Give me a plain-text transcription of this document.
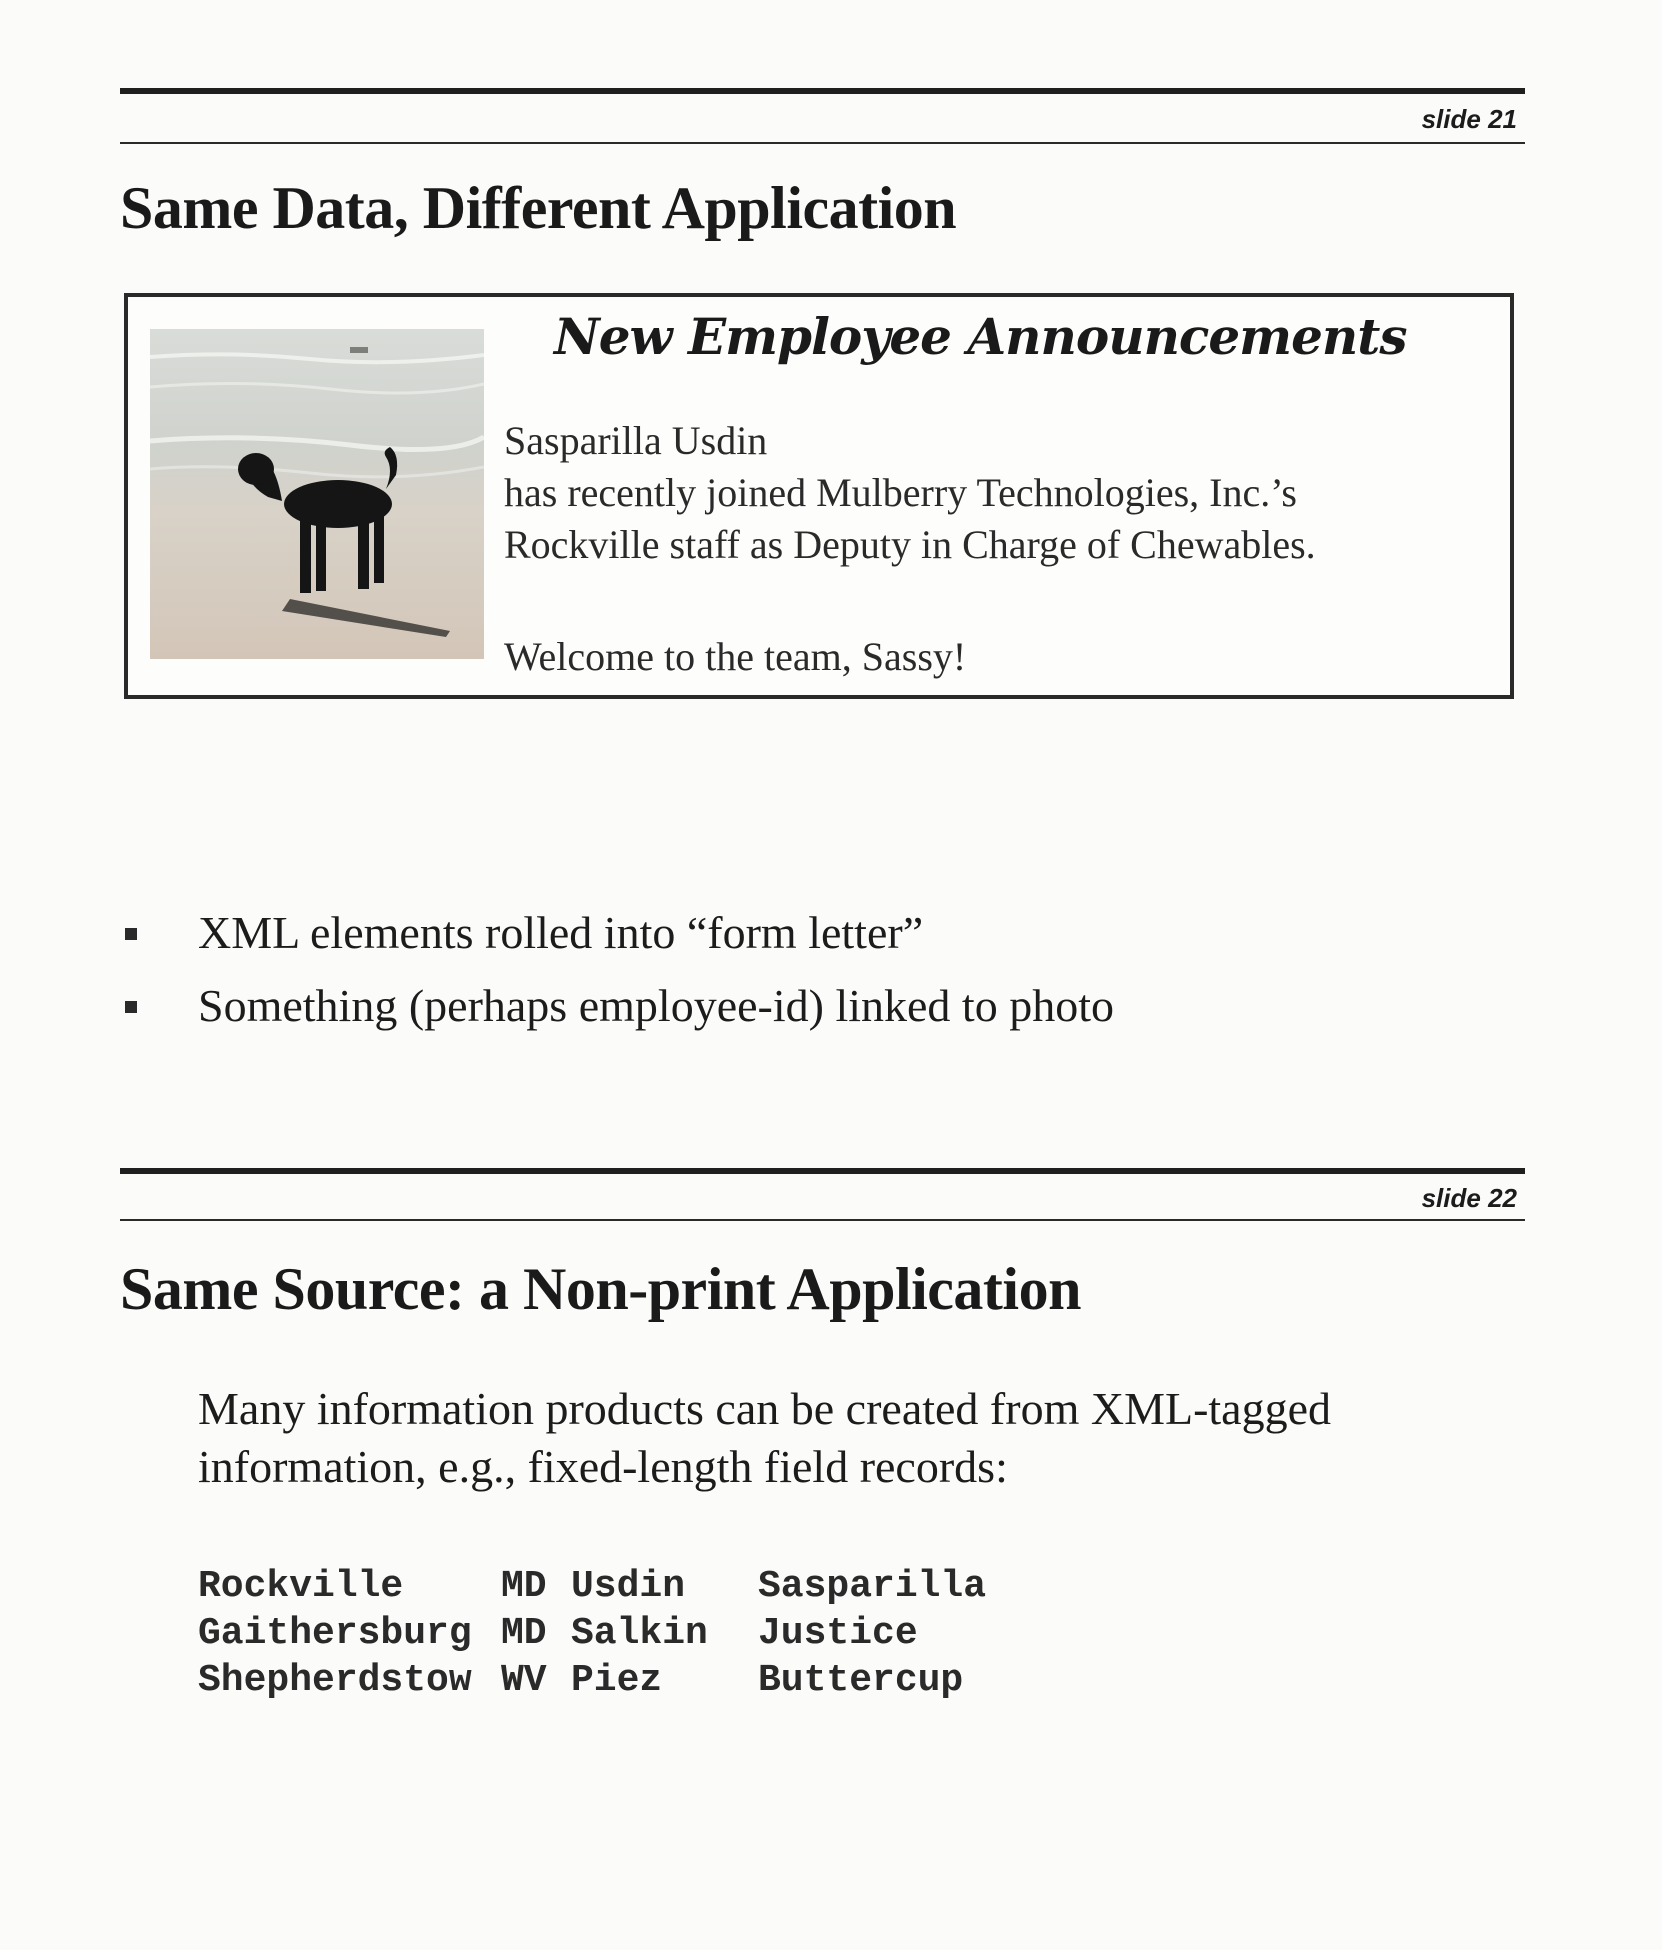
slide 21
Same Data, Different Application
New Employee Announcements
Sasparilla Usdin
has recently joined Mulberry Technologies, Inc.’s
Rockville staff as Deputy in Charge of Chewables.
Welcome to the team, Sassy!
XML elements rolled into “form letter”
Something (perhaps employee-id) linked to photo
slide 22
Same Source: a Non-print Application
Many information products can be created from XML-tagged
information, e.g., fixed-length field records:
Rockville	MD Usdin Sasparilla
Gaithersburg MD Salkin Justice
Shepherdstow WV Piez	Buttercup
